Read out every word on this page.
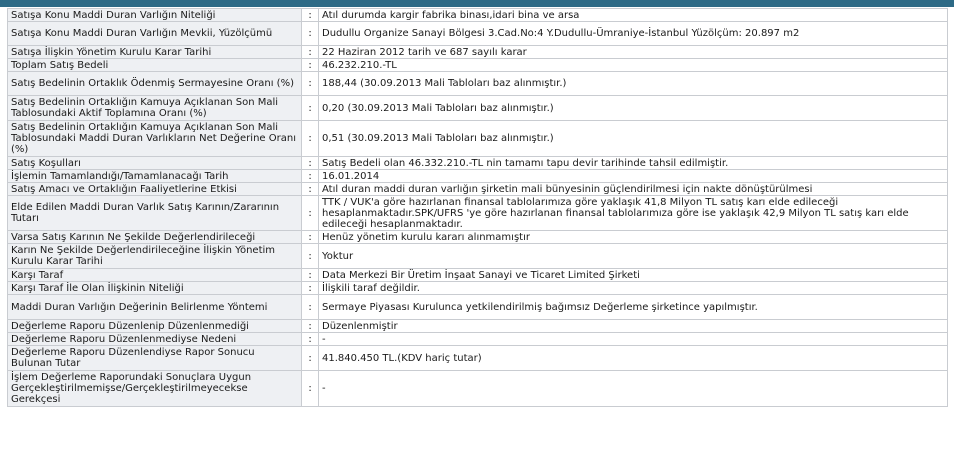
Satışa Konu Maddi Duran Varlığın Niteliği	:	Atıl durumda kargir fabrika binası,idari bina ve arsa
Satışa Konu Maddi Duran Varlığın Mevkii, Yüzölçümü	:	Dudullu Organize Sanayi Bölgesi 3.Cad.No:4 Y.Dudullu-Ümraniye-İstanbul Yüzölçüm: 20.897 m2
Satışa İlişkin Yönetim Kurulu Karar Tarihi	:	22 Haziran 2012 tarih ve 687 sayılı karar
Toplam Satış Bedeli	:	46.232.210.-TL
Satış Bedelinin Ortaklık Ödenmiş Sermayesine Oranı (%)	:	188,44 (30.09.2013 Mali Tabloları baz alınmıştır.)
Satış Bedelinin Ortaklığın Kamuya Açıklanan Son Mali Tablosundaki Aktif Toplamına Oranı (%)	:	0,20 (30.09.2013 Mali Tabloları baz alınmıştır.)
Satış Bedelinin Ortaklığın Kamuya Açıklanan Son Mali Tablosundaki Maddi Duran Varlıkların Net Değerine Oranı (%)	:	0,51 (30.09.2013 Mali Tabloları baz alınmıştır.)
Satış Koşulları	:	Satış Bedeli olan 46.332.210.-TL nin tamamı tapu devir tarihinde tahsil edilmiştir.
İşlemin Tamamlandığı/Tamamlanacağı Tarih	:	16.01.2014
Satış Amacı ve Ortaklığın Faaliyetlerine Etkisi	:	Atıl duran maddi duran varlığın şirketin mali bünyesinin güçlendirilmesi için nakte dönüştürülmesi
Elde Edilen Maddi Duran Varlık Satış Karının/Zararının Tutarı	:	TTK / VUK'a göre hazırlanan finansal tablolarımıza göre yaklaşık 41,8 Milyon TL satış karı elde edileceği hesaplanmaktadır.SPK/UFRS 'ye göre hazırlanan finansal tablolarımıza göre ise yaklaşık 42,9 Milyon TL satış karı elde edileceği hesaplanmaktadır.
Varsa Satış Karının Ne Şekilde Değerlendirileceği	:	Henüz yönetim kurulu kararı alınmamıştır
Karın Ne Şekilde Değerlendirileceğine İlişkin Yönetim Kurulu Karar Tarihi	:	Yoktur
Karşı Taraf	:	Data Merkezi Bir Üretim İnşaat Sanayi ve Ticaret Limited Şirketi
Karşı Taraf İle Olan İlişkinin Niteliği	:	İlişkili taraf değildir.
Maddi Duran Varlığın Değerinin Belirlenme Yöntemi	:	Sermaye Piyasası Kurulunca yetkilendirilmiş bağımsız Değerleme şirketince yapılmıştır.
Değerleme Raporu Düzenlenip Düzenlenmediği	:	Düzenlenmiştir
Değerleme Raporu Düzenlenmediyse Nedeni	:	-
Değerleme Raporu Düzenlendiyse Rapor Sonucu Bulunan Tutar	:	41.840.450 TL.(KDV hariç tutar)
İşlem Değerleme Raporundaki Sonuçlara Uygun Gerçekleştirilmemişse/Gerçekleştirilmeyecekse Gerekçesi	:	-
